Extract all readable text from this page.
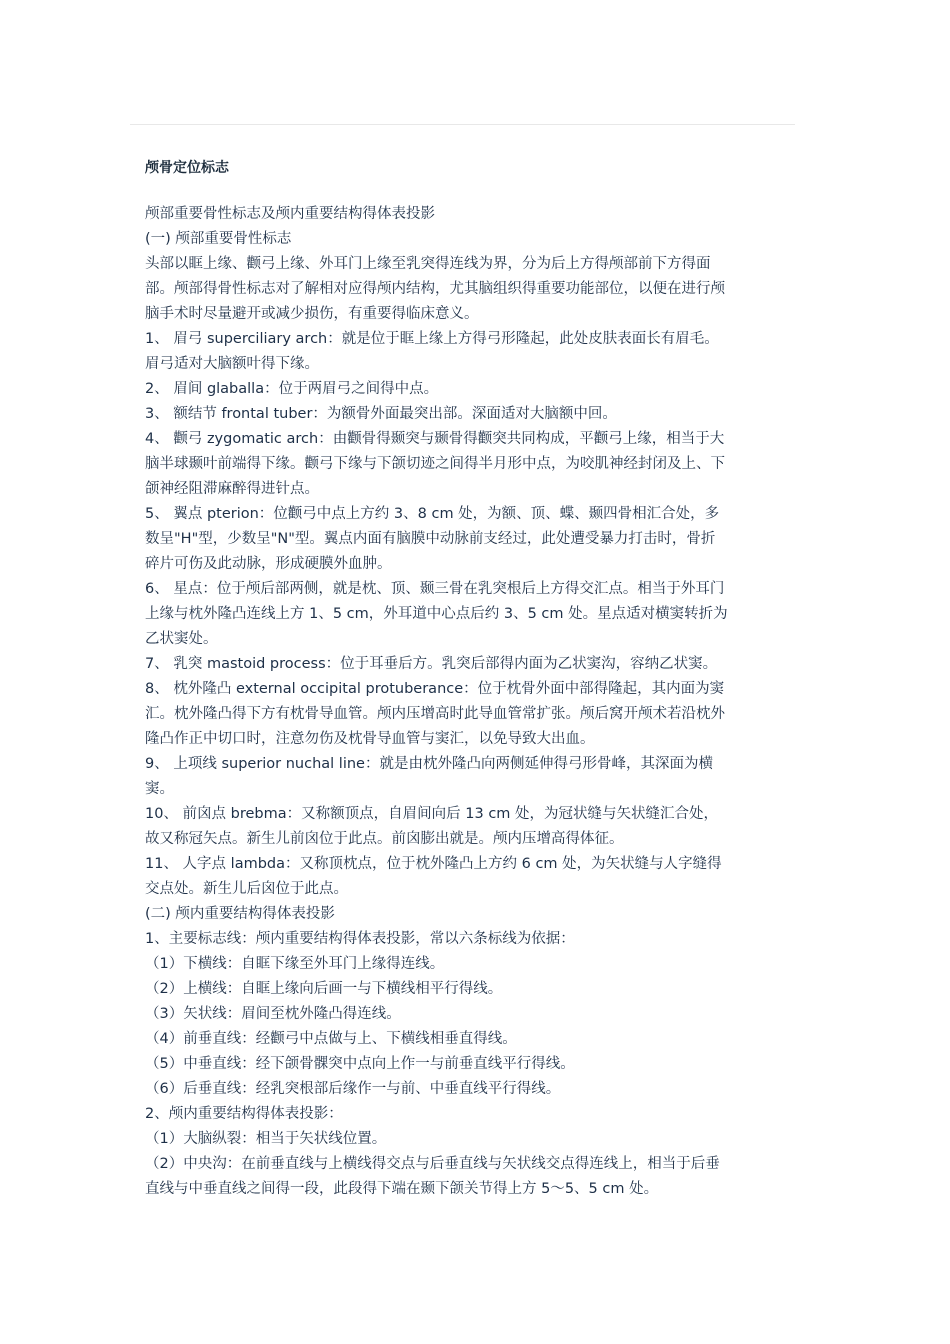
颅骨定位标志
颅部重要骨性标志及颅内重要结构得体表投影
(一) 颅部重要骨性标志
头部以眶上缘、颧弓上缘、外耳门上缘至乳突得连线为界，分为后上方得颅部前下方得面
部。颅部得骨性标志对了解相对应得颅内结构，尤其脑组织得重要功能部位，以便在进行颅
脑手术时尽量避开或减少损伤，有重要得临床意义。
1、 眉弓 superciliary arch：就是位于眶上缘上方得弓形隆起，此处皮肤表面长有眉毛。
眉弓适对大脑额叶得下缘。
2、 眉间 glaballa：位于两眉弓之间得中点。
3、 额结节 frontal tuber：为额骨外面最突出部。深面适对大脑额中回。
4、 颧弓 zygomatic arch：由颧骨得颞突与颞骨得颧突共同构成，平颧弓上缘，相当于大
脑半球颞叶前端得下缘。颧弓下缘与下颌切迹之间得半月形中点，为咬肌神经封闭及上、下
颌神经阻滞麻醉得进针点。
5、 翼点 pterion：位颧弓中点上方约 3、8 cm 处，为额、顶、蝶、颞四骨相汇合处，多
数呈"H"型，少数呈"N"型。翼点内面有脑膜中动脉前支经过，此处遭受暴力打击时，骨折
碎片可伤及此动脉，形成硬膜外血肿。
6、 星点：位于颅后部两侧，就是枕、顶、颞三骨在乳突根后上方得交汇点。相当于外耳门
上缘与枕外隆凸连线上方 1、5 cm，外耳道中心点后约 3、5 cm 处。星点适对横窦转折为
乙状窦处。
7、 乳突 mastoid process：位于耳垂后方。乳突后部得内面为乙状窦沟，容纳乙状窦。
8、 枕外隆凸 external occipital protuberance：位于枕骨外面中部得隆起，其内面为窦
汇。枕外隆凸得下方有枕骨导血管。颅内压增高时此导血管常扩张。颅后窝开颅术若沿枕外
隆凸作正中切口时，注意勿伤及枕骨导血管与窦汇，以免导致大出血。
9、 上项线 superior nuchal line：就是由枕外隆凸向两侧延伸得弓形骨峰，其深面为横
窦。
10、 前囟点 brebma：又称额顶点，自眉间向后 13 cm 处，为冠状缝与矢状缝汇合处，
故又称冠矢点。新生儿前囟位于此点。前囟膨出就是。颅内压增高得体征。
11、 人字点 lambda：又称顶枕点，位于枕外隆凸上方约 6 cm 处，为矢状缝与人字缝得
交点处。新生儿后囟位于此点。
(二) 颅内重要结构得体表投影
1、主要标志线：颅内重要结构得体表投影，常以六条标线为依据：
（1）下横线：自眶下缘至外耳门上缘得连线。
（2）上横线：自眶上缘向后画一与下横线相平行得线。
（3）矢状线：眉间至枕外隆凸得连线。
（4）前垂直线：经颧弓中点做与上、下横线相垂直得线。
（5）中垂直线：经下颌骨髁突中点向上作一与前垂直线平行得线。
（6）后垂直线：经乳突根部后缘作一与前、中垂直线平行得线。
2、颅内重要结构得体表投影：
（1）大脑纵裂：相当于矢状线位置。
（2）中央沟：在前垂直线与上横线得交点与后垂直线与矢状线交点得连线上，相当于后垂
直线与中垂直线之间得一段，此段得下端在颞下颌关节得上方 5～5、5 cm 处。
